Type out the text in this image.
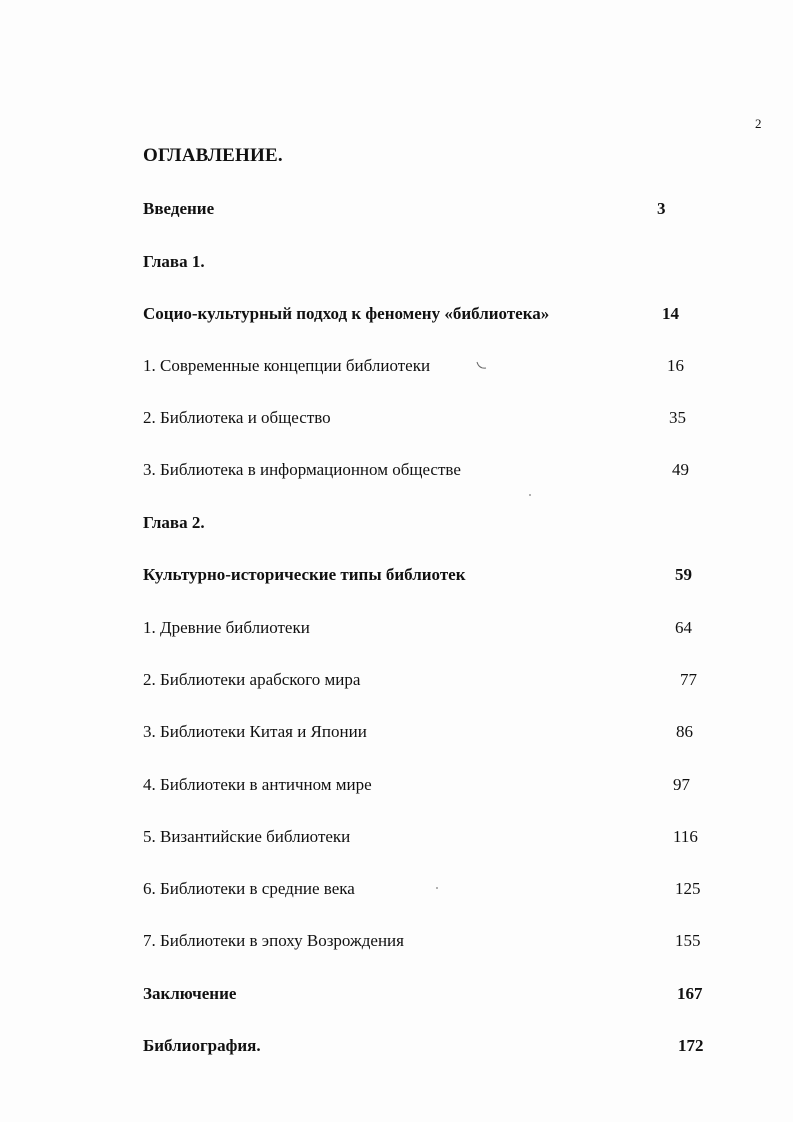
2
ОГЛАВЛЕНИЕ.
Введение	3
Глава 1.
Социо-культурный подход к феномену «библиотека»	14
1. Современные концепции библиотеки	16
2. Библиотека и общество	35
3. Библиотека в информационном обществе	49
Глава 2.
Культурно-исторические типы библиотек	59
1. Древние библиотеки	64
2. Библиотеки арабского мира	77
3. Библиотеки Китая и Японии	86
4. Библиотеки в античном мире	97
5. Византийские библиотеки	116
6. Библиотеки в средние века	125
7. Библиотеки в эпоху Возрождения	155
Заключение	167
Библиография.	172
